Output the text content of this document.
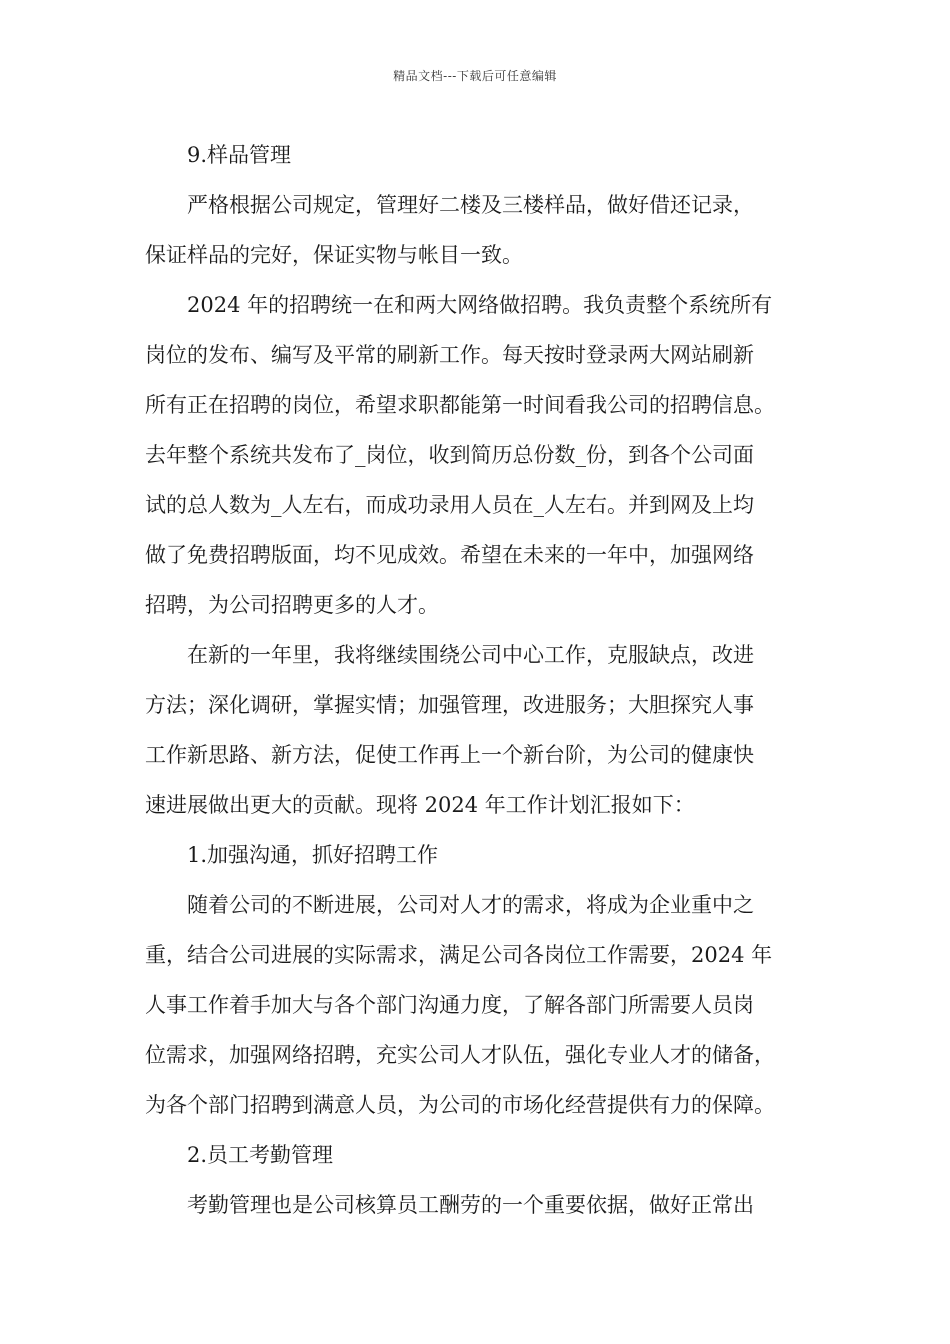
精品文档---下载后可任意编辑
9.样品管理
严格根据公司规定，管理好二楼及三楼样品，做好借还记录，
保证样品的完好，保证实物与帐目一致。
2024 年的招聘统一在和两大网络做招聘。我负责整个系统所有
岗位的发布、编写及平常的刷新工作。每天按时登录两大网站刷新
所有正在招聘的岗位，希望求职都能第一时间看我公司的招聘信息。
去年整个系统共发布了_岗位，收到简历总份数_份，到各个公司面
试的总人数为_人左右，而成功录用人员在_人左右。并到网及上均
做了免费招聘版面，均不见成效。希望在未来的一年中，加强网络
招聘，为公司招聘更多的人才。
在新的一年里，我将继续围绕公司中心工作，克服缺点，改进
方法；深化调研，掌握实情；加强管理，改进服务；大胆探究人事
工作新思路、新方法，促使工作再上一个新台阶，为公司的健康快
速进展做出更大的贡献。现将 2024 年工作计划汇报如下：
1.加强沟通，抓好招聘工作
随着公司的不断进展，公司对人才的需求，将成为企业重中之
重，结合公司进展的实际需求，满足公司各岗位工作需要，2024 年
人事工作着手加大与各个部门沟通力度，了解各部门所需要人员岗
位需求，加强网络招聘，充实公司人才队伍，强化专业人才的储备，
为各个部门招聘到满意人员，为公司的市场化经营提供有力的保障。
2.员工考勤管理
考勤管理也是公司核算员工酬劳的一个重要依据，做好正常出
